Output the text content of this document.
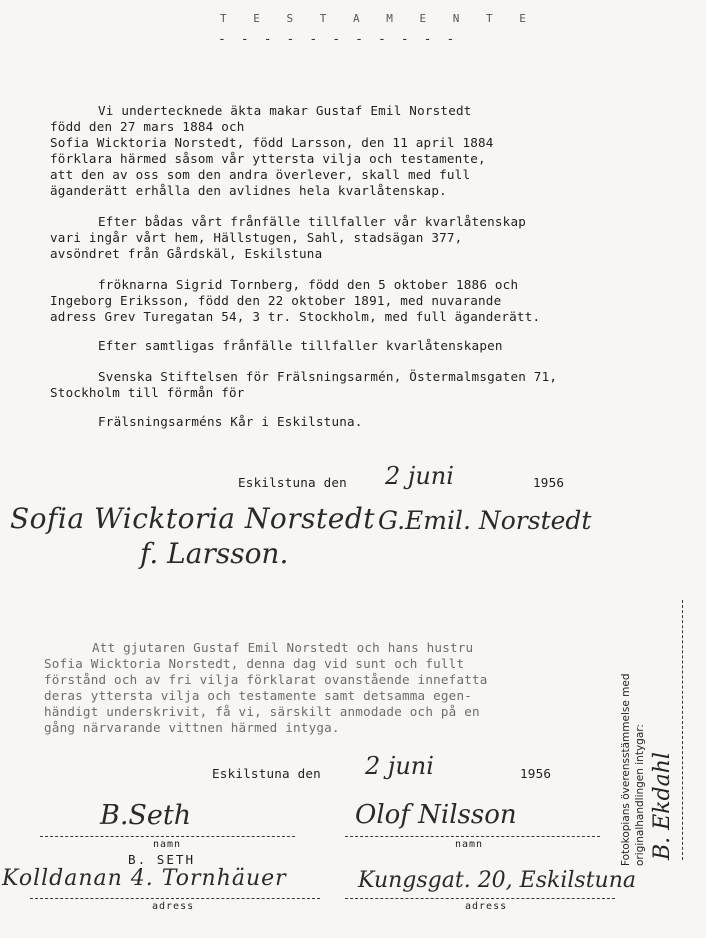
T E S T A M E N T E
- - - - - - - - - - -
Vi undertecknede äkta makar Gustaf Emil Norstedt
född den 27 mars 1884 och
Sofia Wicktoria Norstedt, född Larsson, den 11 april 1884
förklara härmed såsom vår yttersta vilja och testamente,
att den av oss som den andra överlever, skall med full
äganderätt erhålla den avlidnes hela kvarlåtenskap.
Efter bådas vårt frånfälle tillfaller vår kvarlåtenskap
vari ingår vårt hem, Hällstugen, Sahl, stadsägan 377,
avsöndret från Gårdskäl, Eskilstuna
fröknarna Sigrid Tornberg, född den 5 oktober 1886 och
Ingeborg Eriksson, född den 22 oktober 1891, med nuvarande
adress Grev Turegatan 54, 3 tr. Stockholm, med full äganderätt.
Efter samtligas frånfälle tillfaller kvarlåtenskapen
Svenska Stiftelsen för Frälsningsarmén, Östermalmsgaten 71,
Stockholm till förmån för
Frälsningsarméns Kår i Eskilstuna.
Eskilstuna den 2 juni	1956
Sofia Wicktoria Norstedt
f. Larsson.
G.Emil. Norstedt
Att gjutaren Gustaf Emil Norstedt och hans hustru
Sofia Wicktoria Norstedt, denna dag vid sunt och fullt
förstånd och av fri vilja förklarat ovanstående innefatta
deras yttersta vilja och testamente samt detsamma egen-
händigt underskrivit, få vi, särskilt anmodade och på en
gång närvarande vittnen härmed intyga.
Eskilstuna den 2 juni	1956
B.Seth
namn
Olof Nilsson
namn
B. SETH
Kolldanan 4. Tornhäuer
adress
Kungsgat. 20, Eskilstuna
adress
Fotokopians överensstämmelse med originalhandlingen intygar: B. Ekdahl
